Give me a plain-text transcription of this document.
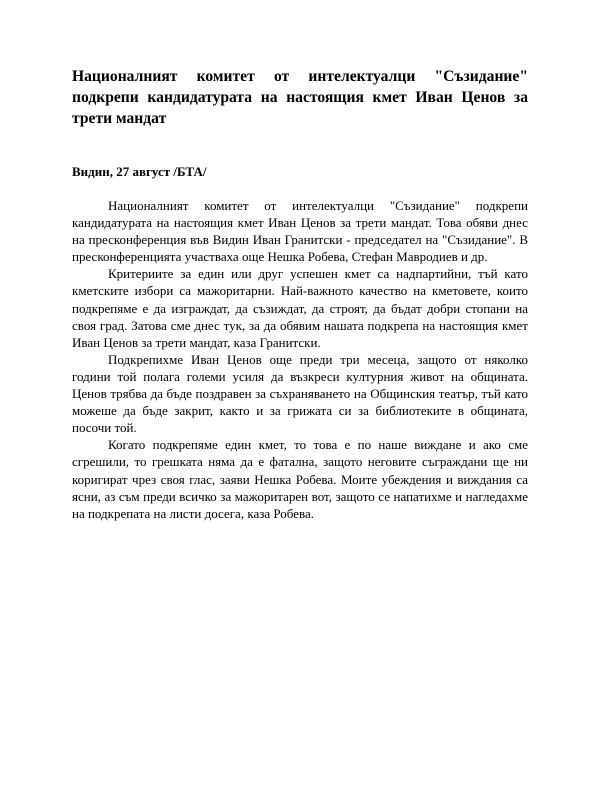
Националният комитет от интелектуалци "Съзидание" подкрепи кандидатурата на настоящия кмет Иван Ценов за трети мандат

Видин, 27 август /БТА/

Националният комитет от интелектуалци "Съзидание" подкрепи кандидатурата на настоящия кмет Иван Ценов за трети мандат. Това обяви днес на пресконференция във Видин Иван Гранитски - председател на "Съзидание". В пресконференцията участваха още Нешка Робева, Стефан Мавродиев и др.

Критериите за един или друг успешен кмет са надпартийни, тъй като кметските избори са мажоритарни. Най-важното качество на кметовете, които подкрепяме е да изграждат, да съзиждат, да строят, да бъдат добри стопани на своя град. Затова сме днес тук, за да обявим нашата подкрепа на настоящия кмет Иван Ценов за трети мандат, каза Гранитски.

Подкрепихме Иван Ценов още преди три месеца, защото от няколко години той полага големи усиля да възкреси културния живот на общината. Ценов трябва да бъде поздравен за съхраняването на Общинския театър, тъй като можеше да бъде закрит, както и за грижата си за библиотеките в общината, посочи той.

Когато подкрепяме един кмет, то това е по наше виждане и ако сме сгрешили, то грешката няма да е фатална, защото неговите съграждани ще ни коригират чрез своя глас, заяви Нешка Робева. Моите убеждения и виждания са ясни, аз съм преди всичко за мажоритарен вот, защото се напатихме и нагледахме на подкрепата на листи досега, каза Робева.
